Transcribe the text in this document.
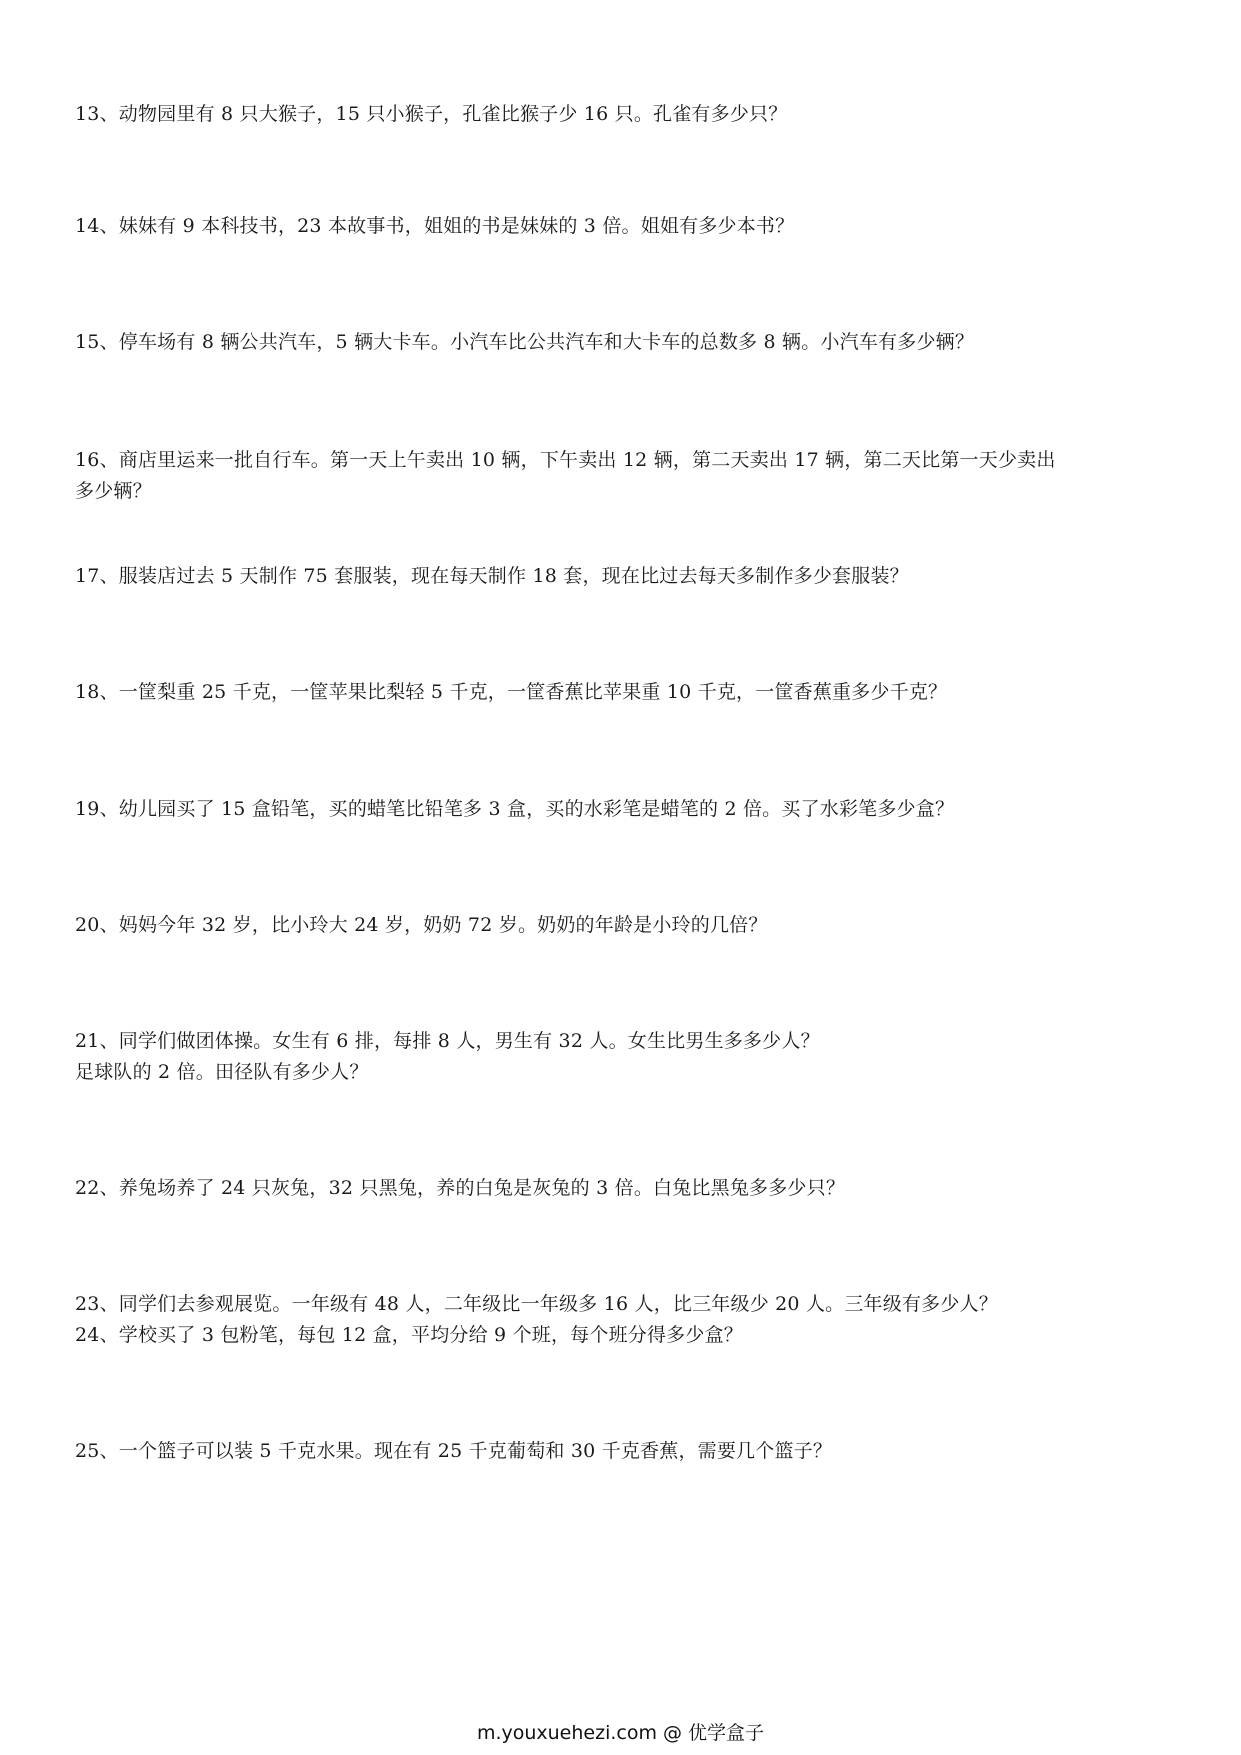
13、动物园里有 8 只大猴子，15 只小猴子，孔雀比猴子少 16 只。孔雀有多少只？
14、妹妹有 9 本科技书，23 本故事书，姐姐的书是妹妹的 3 倍。姐姐有多少本书？
15、停车场有 8 辆公共汽车，5 辆大卡车。小汽车比公共汽车和大卡车的总数多 8 辆。小汽车有多少辆？
16、商店里运来一批自行车。第一天上午卖出 10 辆，下午卖出 12 辆，第二天卖出 17 辆，第二天比第一天少卖出
多少辆？
17、服装店过去 5 天制作 75 套服装，现在每天制作 18 套，现在比过去每天多制作多少套服装？
18、一筐梨重 25 千克，一筐苹果比梨轻 5 千克，一筐香蕉比苹果重 10 千克，一筐香蕉重多少千克？
19、幼儿园买了 15 盒铅笔，买的蜡笔比铅笔多 3 盒，买的水彩笔是蜡笔的 2 倍。买了水彩笔多少盒？
20、妈妈今年 32 岁，比小玲大 24 岁，奶奶 72 岁。奶奶的年龄是小玲的几倍？
21、同学们做团体操。女生有 6 排，每排 8 人，男生有 32 人。女生比男生多多少人？
足球队的 2 倍。田径队有多少人？
22、养兔场养了 24 只灰兔，32 只黑兔，养的白兔是灰兔的 3 倍。白兔比黑兔多多少只？
23、同学们去参观展览。一年级有 48 人，二年级比一年级多 16 人，比三年级少 20 人。三年级有多少人？
24、学校买了 3 包粉笔，每包 12 盒，平均分给 9 个班，每个班分得多少盒？
25、一个篮子可以装 5 千克水果。现在有 25 千克葡萄和 30 千克香蕉，需要几个篮子？
m.youxuehezi.com @ 优学盒子
